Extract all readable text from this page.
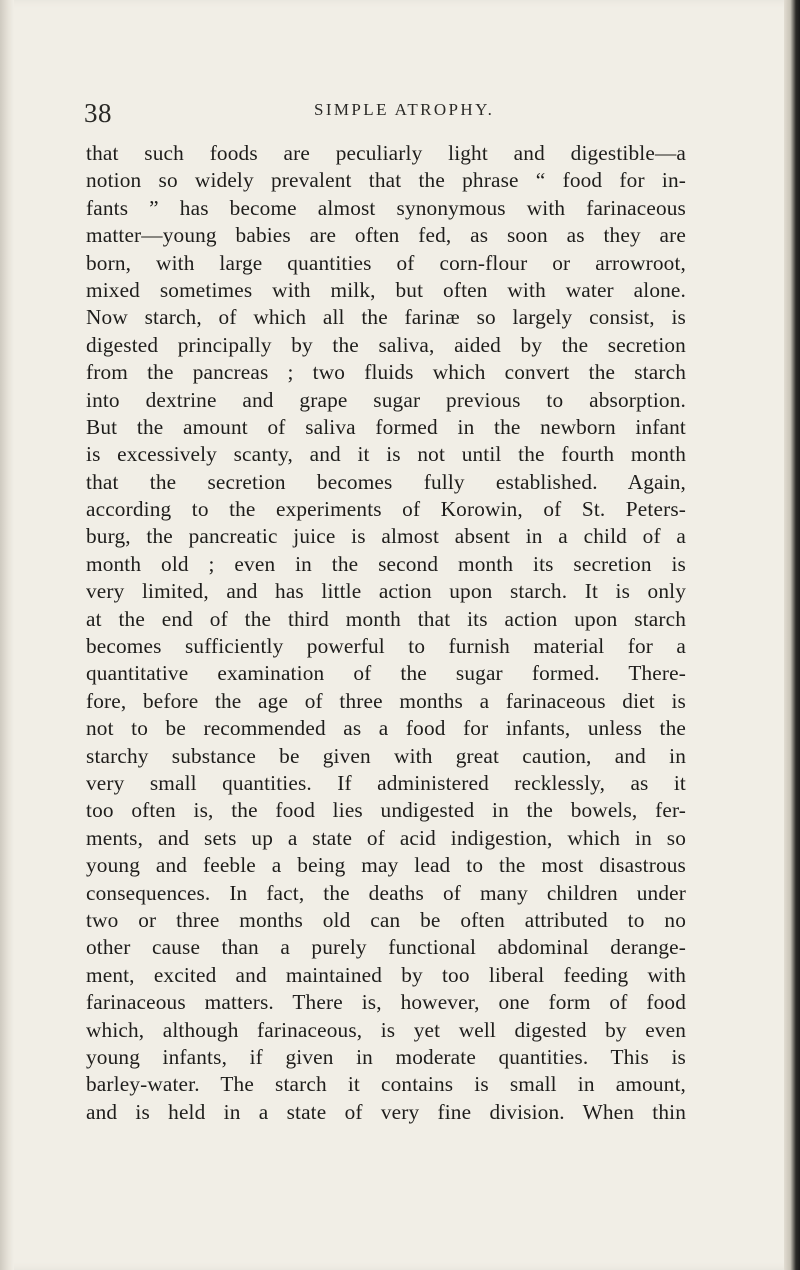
38	SIMPLE ATROPHY.
that such foods are peculiarly light and digestible—a
notion so widely prevalent that the phrase “ food for in-
fants ” has become almost synonymous with farinaceous
matter—young babies are often fed, as soon as they are
born, with large quantities of corn-flour or arrowroot,
mixed sometimes with milk, but often with water alone.
Now starch, of which all the farinæ so largely consist, is
digested principally by the saliva, aided by the secretion
from the pancreas ; two fluids which convert the starch
into dextrine and grape sugar previous to absorption.
But the amount of saliva formed in the newborn infant
is excessively scanty, and it is not until the fourth month
that the secretion becomes fully established. Again,
according to the experiments of Korowin, of St. Peters-
burg, the pancreatic juice is almost absent in a child of a
month old ; even in the second month its secretion is
very limited, and has little action upon starch. It is only
at the end of the third month that its action upon starch
becomes sufficiently powerful to furnish material for a
quantitative examination of the sugar formed. There-
fore, before the age of three months a farinaceous diet is
not to be recommended as a food for infants, unless the
starchy substance be given with great caution, and in
very small quantities. If administered recklessly, as it
too often is, the food lies undigested in the bowels, fer-
ments, and sets up a state of acid indigestion, which in so
young and feeble a being may lead to the most disastrous
consequences. In fact, the deaths of many children under
two or three months old can be often attributed to no
other cause than a purely functional abdominal derange-
ment, excited and maintained by too liberal feeding with
farinaceous matters. There is, however, one form of food
which, although farinaceous, is yet well digested by even
young infants, if given in moderate quantities. This is
barley-water. The starch it contains is small in amount,
and is held in a state of very fine division. When thin
